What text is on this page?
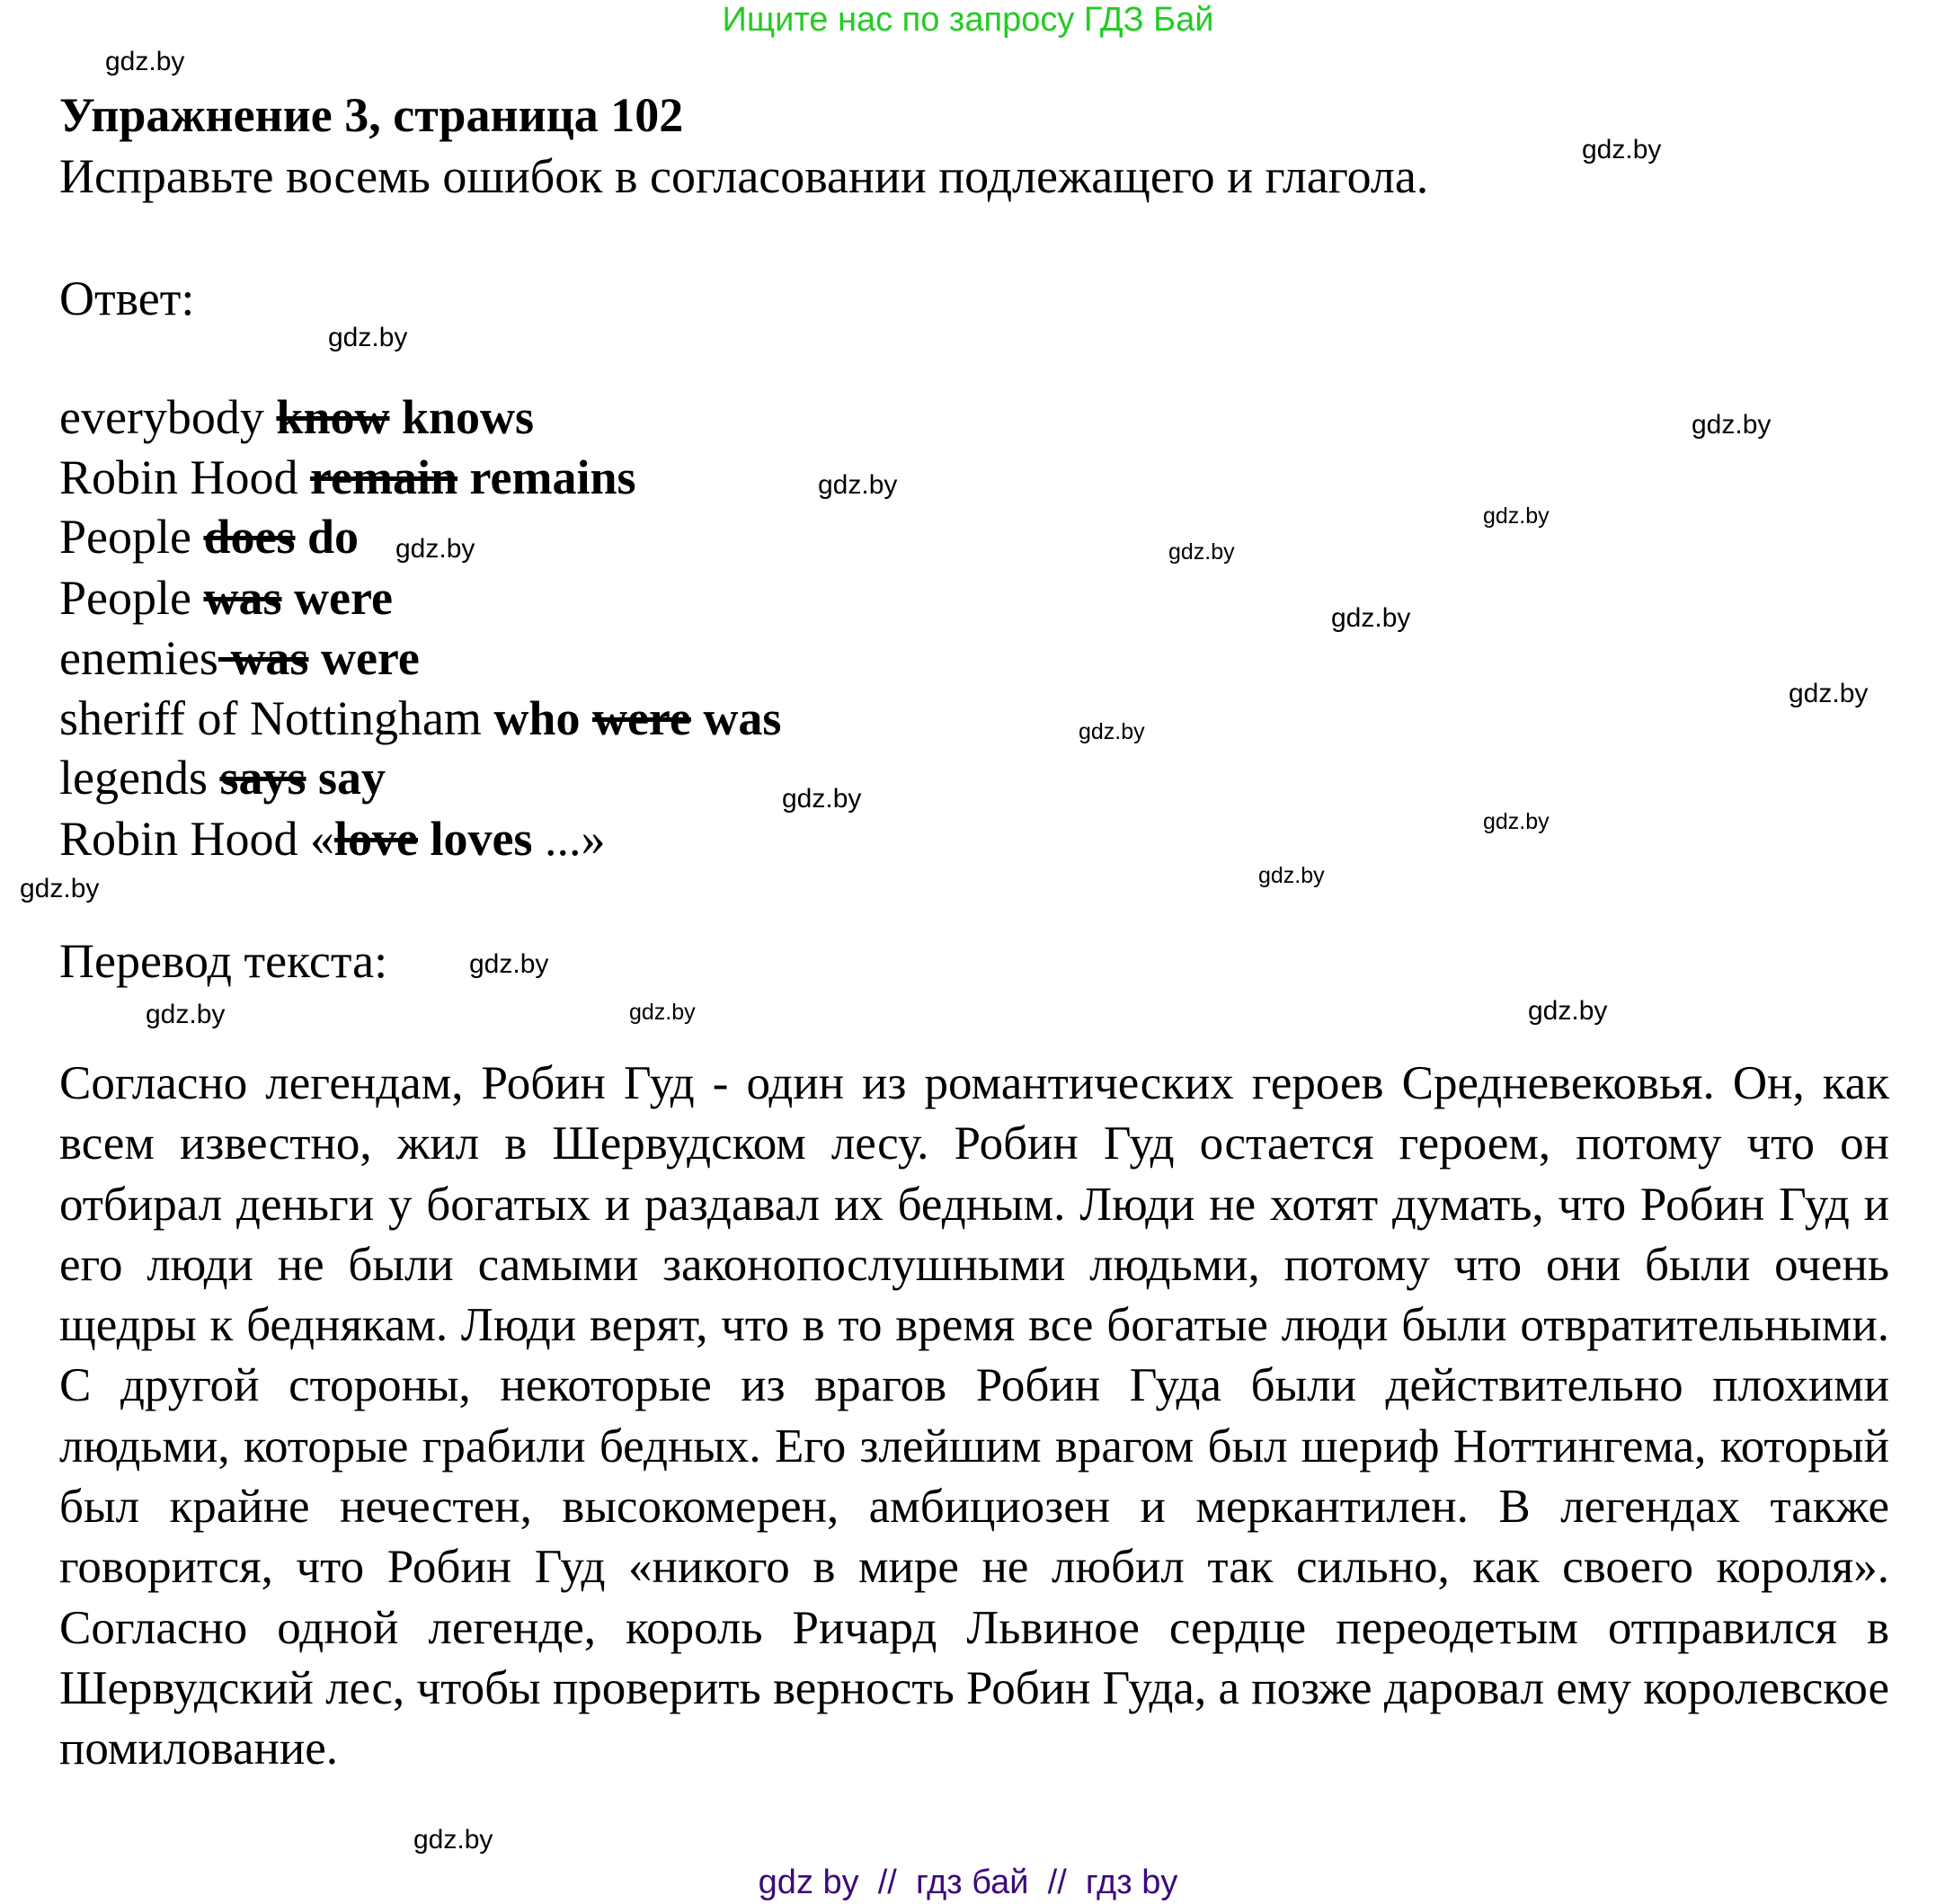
Ищите нас по запросу ГДЗ Бай
Упражнение 3, страница 102
Исправьте восемь ошибок в согласовании подлежащего и глагола.
Ответ:
everybody know knows
Robin Hood remain remains
People does do
People was were
enemies was were
sheriff of Nottingham who were was
legends says say
Robin Hood «love loves ...»
Перевод текста:
Согласно легендам, Робин Гуд - один из романтических героев Средневековья. Он, как всем известно, жил в Шервудском лесу. Робин Гуд остается героем, потому что он отбирал деньги у богатых и раздавал их бедным. Люди не хотят думать, что Робин Гуд и его люди не были самыми законопослушными людьми, потому что они были очень щедры к беднякам. Люди верят, что в то время все богатые люди были отвратительными. С другой стороны, некоторые из врагов Робин Гуда были действительно плохими людьми, которые грабили бедных. Его злейшим врагом был шериф Ноттингема, который был крайне нечестен, высокомерен, амбициозен и меркантилен. В легендах также говорится, что Робин Гуд «никого в мире не любил так сильно, как своего короля». Согласно одной легенде, король Ричард Львиное сердце переодетым отправился в Шервудский лес, чтобы проверить верность Робин Гуда, а позже даровал ему королевское помилование.
gdz.by
gdz.by
gdz.by
gdz.by
gdz.by
gdz.by
gdz.by
gdz.by
gdz.by
gdz.by
gdz.by
gdz.by
gdz.by
gdz.by
gdz.by
gdz.by
gdz.by
gdz.by
gdz.by
gdz.by
gdz by  //  гдз бай  //  гдз by
